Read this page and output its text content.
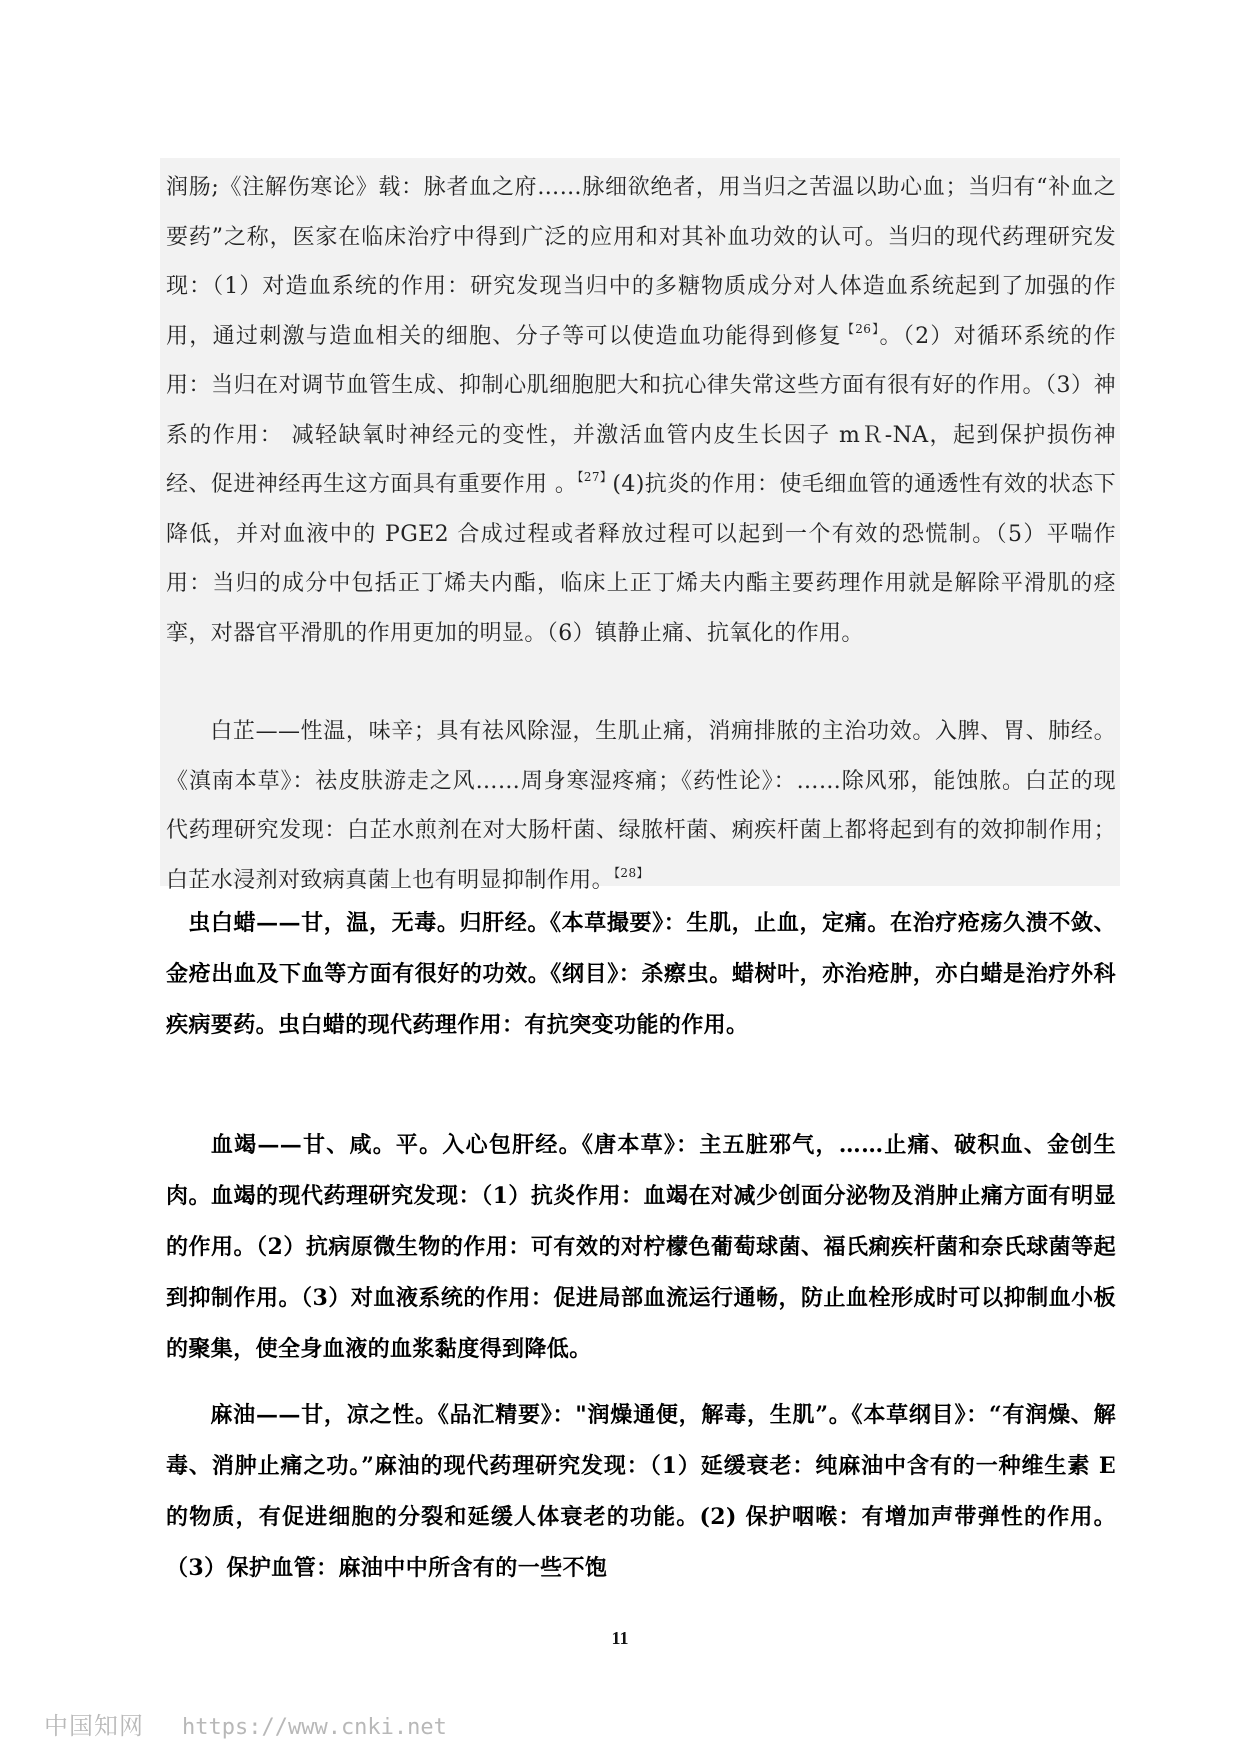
润肠;《注解伤寒论》载：脉者血之府……脉细欲绝者，用当归之苦温以助心血；当归有“补血之要药”之称，医家在临床治疗中得到广泛的应用和对其补血功效的认可。当归的现代药理研究发现：（1）对造血系统的作用：研究发现当归中的多糖物质成分对人体造血系统起到了加强的作用，通过刺激与造血相关的细胞、分子等可以使造血功能得到修复$^{【26】}$。（2）对循环系统的作用：当归在对调节血管生成、抑制心肌细胞肥大和抗心律失常这些方面有很有好的作用。（3）神系的作用： 减轻缺氧时神经元的变性，并激活血管内皮生长因子 mＲ-NA，起到保护损伤神经、促进神经再生这方面具有重要作用 。$^{【27】}$(4)抗炎的作用：使毛细血管的通透性有效的状态下降低，并对血液中的 PGE2 合成过程或者释放过程可以起到一个有效的恐慌制。（5）平喘作用：当归的成分中包括正丁烯夫内酯，临床上正丁烯夫内酯主要药理作用就是解除平滑肌的痉挛，对器官平滑肌的作用更加的明显。（6）镇静止痛、抗氧化的作用。

白芷——性温，味辛；具有祛风除湿，生肌止痛，消痈排脓的主治功效。入脾、胃、肺经。《滇南本草》：祛皮肤游走之风……周身寒湿疼痛；《药性论》：……除风邪，能蚀脓。白芷的现代药理研究发现：白芷水煎剂在对大肠杆菌、绿脓杆菌、痢疾杆菌上都将起到有的效抑制作用；白芷水浸剂对致病真菌上也有明显抑制作用。$^{【28】}$

虫白蜡——甘，温，无毒。归肝经。《本草撮要》：生肌，止血，定痛。在治疗疮疡久溃不敛、金疮出血及下血等方面有很好的功效。《纲目》：杀瘵虫。蜡树叶，亦治疮肿，亦白蜡是治疗外科疾病要药。虫白蜡的现代药理作用：有抗突变功能的作用。

血竭——甘、咸。平。入心包肝经。《唐本草》：主五脏邪气，……止痛、破积血、金创生肉。血竭的现代药理研究发现：（1）抗炎作用：血竭在对减少创面分泌物及消肿止痛方面有明显的作用。（2）抗病原微生物的作用：可有效的对柠檬色葡萄球菌、福氏痢疾杆菌和奈氏球菌等起到抑制作用。（3）对血液系统的作用：促进局部血流运行通畅，防止血栓形成时可以抑制血小板的聚集，使全身血液的血浆黏度得到降低。

麻油——甘，凉之性。《品汇精要》："润燥通便，解毒，生肌”。《本草纲目》：“有润燥、解毒、消肿止痛之功。”麻油的现代药理研究发现：（1）延缓衰老：纯麻油中含有的一种维生素 E 的物质，有促进细胞的分裂和延缓人体衰老的功能。(2) 保护咽喉：有增加声带弹性的作用。（3）保护血管：麻油中中所含有的一些不饱

11
中国知网 https://www.cnki.net
